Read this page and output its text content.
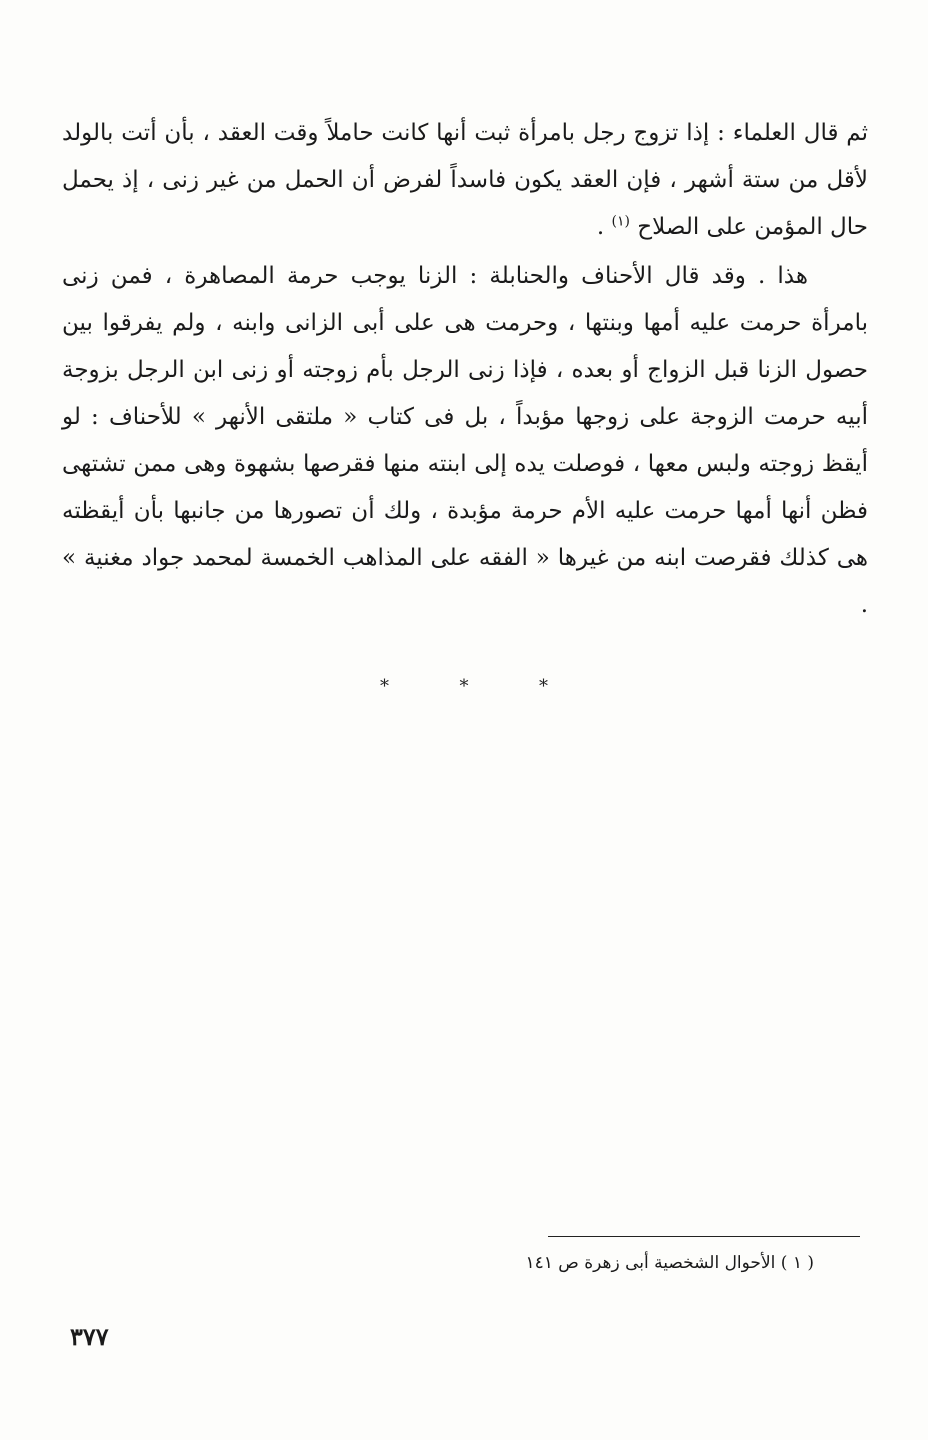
ثم قال العلماء : إذا تزوج رجل بامرأة ثبت أنها كانت حاملاً وقت العقد ، بأن أتت بالولد لأقل من ستة أشهر ، فإن العقد يكون فاسداً لفرض أن الحمل من غير زنى ، إذ يحمل حال المؤمن على الصلاح $^{(١)}$ .

هذا . وقد قال الأحناف والحنابلة : الزنا يوجب حرمة المصاهرة ، فمن زنى بامرأة حرمت عليه أمها وبنتها ، وحرمت هى على أبى الزانى وابنه ، ولم يفرقوا بين حصول الزنا قبل الزواج أو بعده ، فإذا زنى الرجل بأم زوجته أو زنى ابن الرجل بزوجة أبيه حرمت الزوجة على زوجها مؤبداً ، بل فى كتاب « ملتقى الأنهر » للأحناف : لو أيقظ زوجته ولبس معها ، فوصلت يده إلى ابنته منها فقرصها بشهوة وهى ممن تشتهى فظن أنها أمها حرمت عليه الأم حرمة مؤبدة ، ولك أن تصورها من جانبها بأن أيقظته هى كذلك فقرصت ابنه من غيرها « الفقه على المذاهب الخمسة لمحمد جواد مغنية » .

*	*	*
( ١ ) الأحوال الشخصية أبى زهرة ص ١٤١
٣٧٧
